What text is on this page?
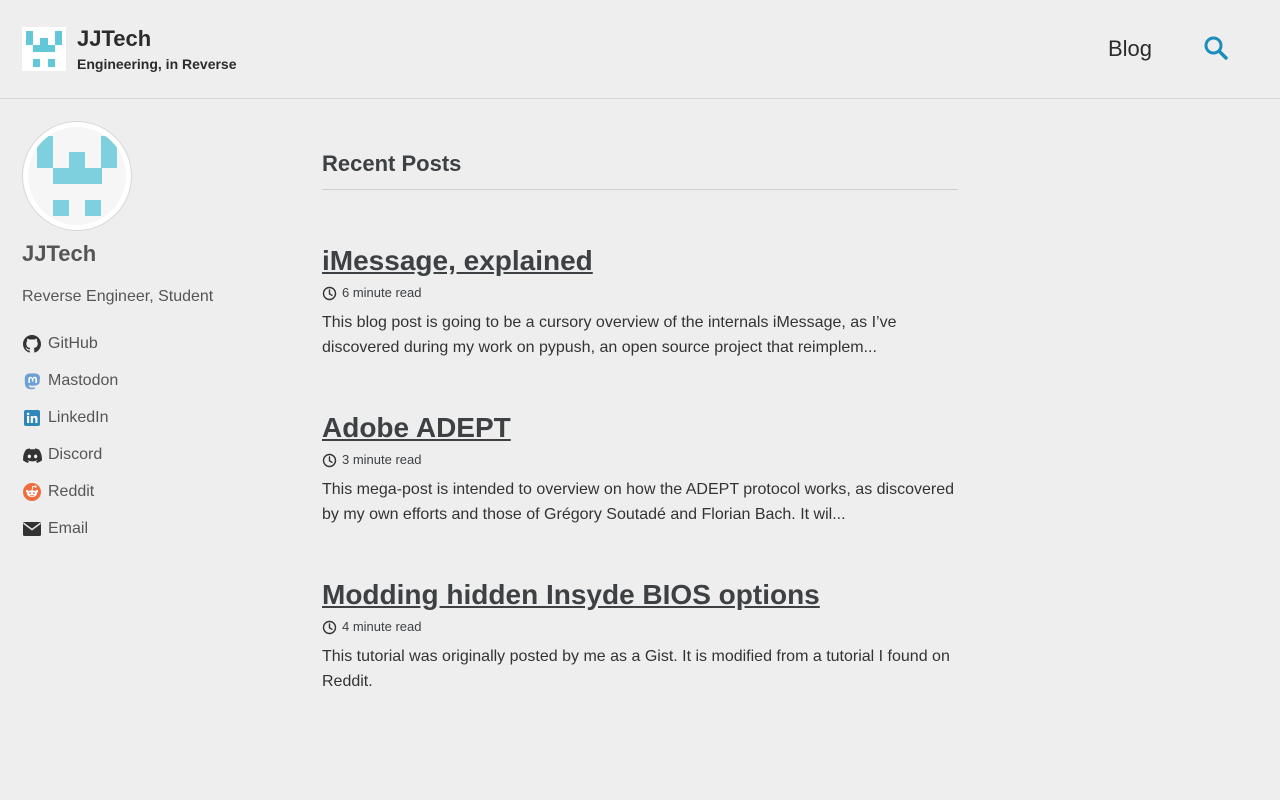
JJTech
Engineering, in Reverse
Blog
JJTech
Reverse Engineer, Student
GitHub
Mastodon
LinkedIn
Discord
Reddit
Email
Recent Posts
iMessage, explained
6 minute read

This blog post is going to be a cursory overview of the internals iMessage, as I’ve discovered during my work on pypush, an open source project that reimplem...

Adobe ADEPT
3 minute read

This mega-post is intended to overview on how the ADEPT protocol works, as discovered by my own efforts and those of Grégory Soutadé and Florian Bach. It wil...

Modding hidden Insyde BIOS options
4 minute read

This tutorial was originally posted by me as a Gist. It is modified from a tutorial I found on Reddit.
